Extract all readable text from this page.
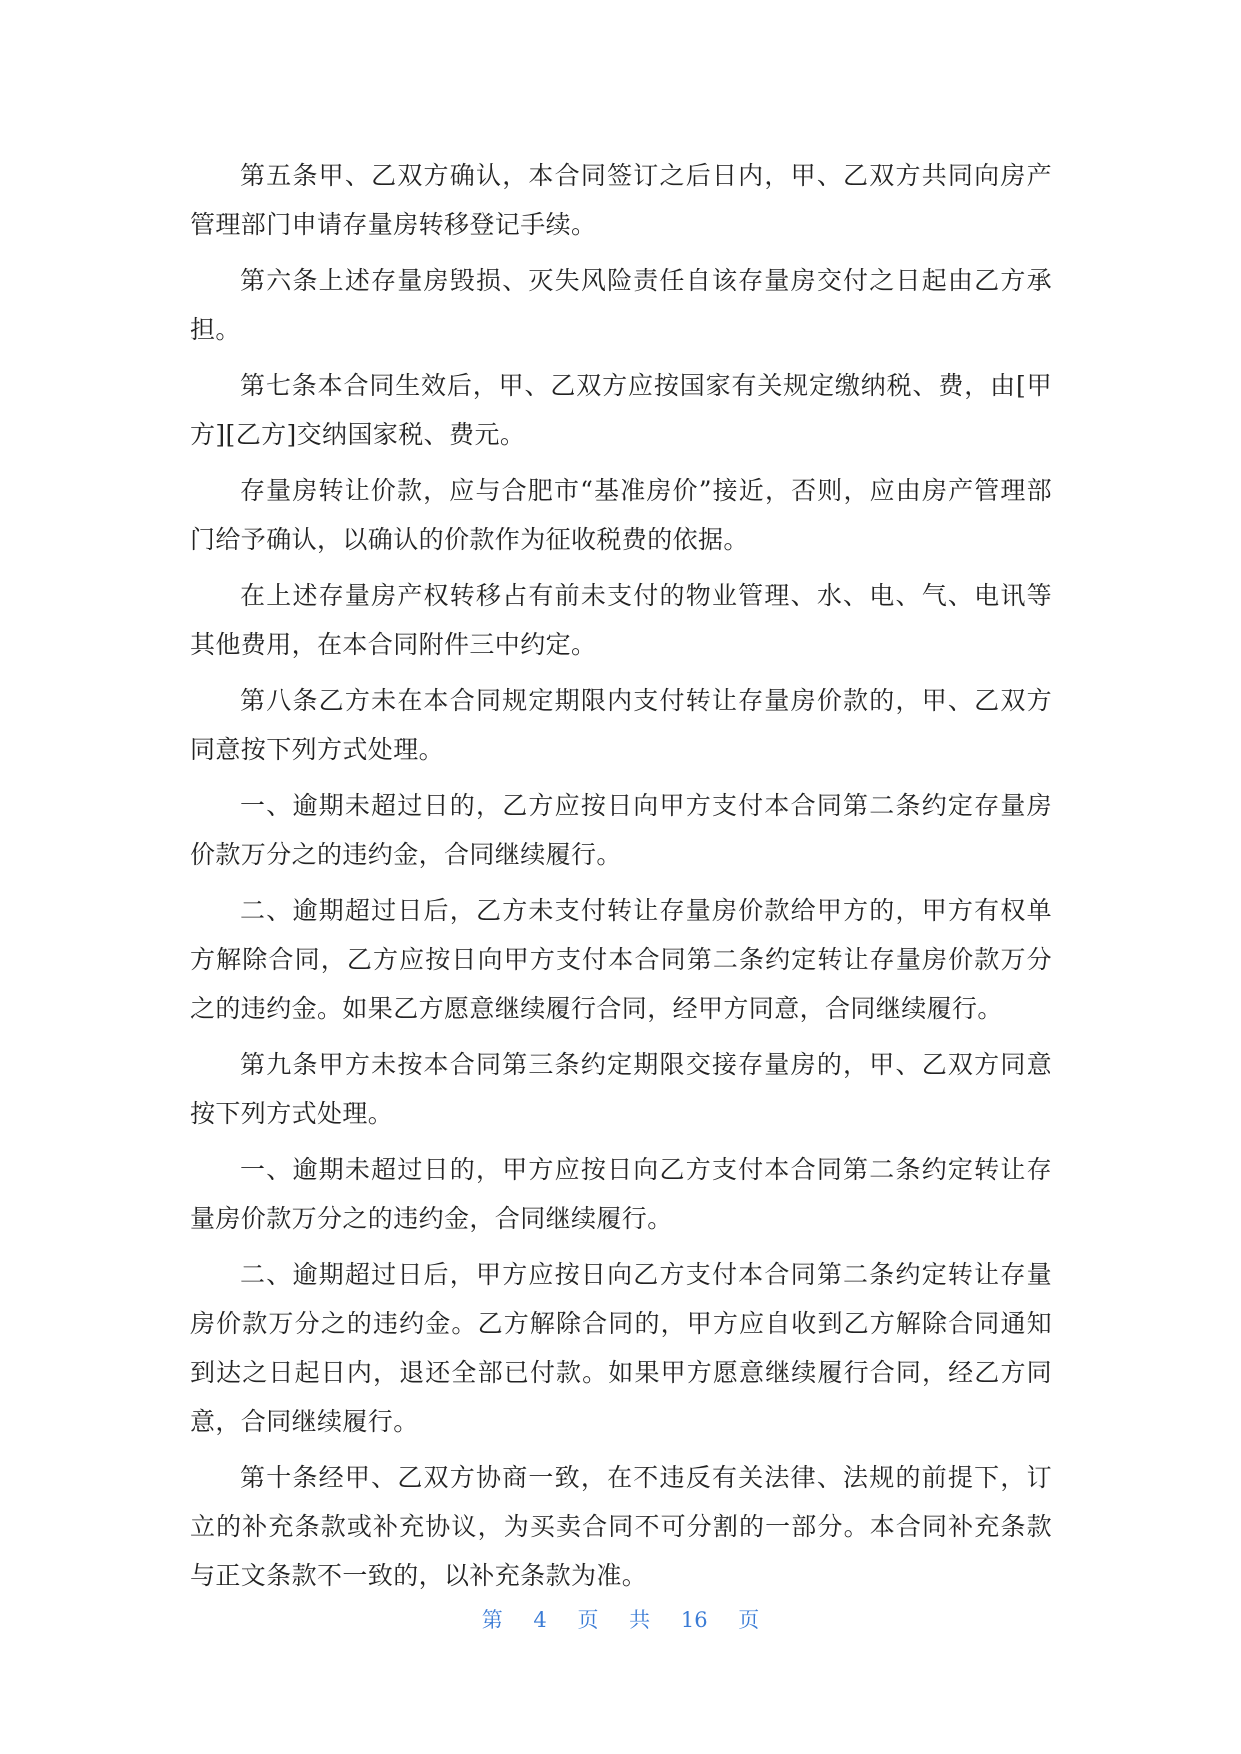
第五条甲、乙双方确认，本合同签订之后日内，甲、乙双方共同向房产管理部门申请存量房转移登记手续。

第六条上述存量房毁损、灭失风险责任自该存量房交付之日起由乙方承担。

第七条本合同生效后，甲、乙双方应按国家有关规定缴纳税、费，由[甲方][乙方]交纳国家税、费元。

存量房转让价款，应与合肥市“基准房价”接近，否则，应由房产管理部门给予确认，以确认的价款作为征收税费的依据。

在上述存量房产权转移占有前未支付的物业管理、水、电、气、电讯等其他费用，在本合同附件三中约定。

第八条乙方未在本合同规定期限内支付转让存量房价款的，甲、乙双方同意按下列方式处理。

一、逾期未超过日的，乙方应按日向甲方支付本合同第二条约定存量房价款万分之的违约金，合同继续履行。

二、逾期超过日后，乙方未支付转让存量房价款给甲方的，甲方有权单方解除合同，乙方应按日向甲方支付本合同第二条约定转让存量房价款万分之的违约金。如果乙方愿意继续履行合同，经甲方同意，合同继续履行。

第九条甲方未按本合同第三条约定期限交接存量房的，甲、乙双方同意按下列方式处理。

一、逾期未超过日的，甲方应按日向乙方支付本合同第二条约定转让存量房价款万分之的违约金，合同继续履行。

二、逾期超过日后，甲方应按日向乙方支付本合同第二条约定转让存量房价款万分之的违约金。乙方解除合同的，甲方应自收到乙方解除合同通知到达之日起日内，退还全部已付款。如果甲方愿意继续履行合同，经乙方同意，合同继续履行。

第十条经甲、乙双方协商一致，在不违反有关法律、法规的前提下，订立的补充条款或补充协议，为买卖合同不可分割的一部分。本合同补充条款与正文条款不一致的，以补充条款为准。

第 4 页 共 16 页
